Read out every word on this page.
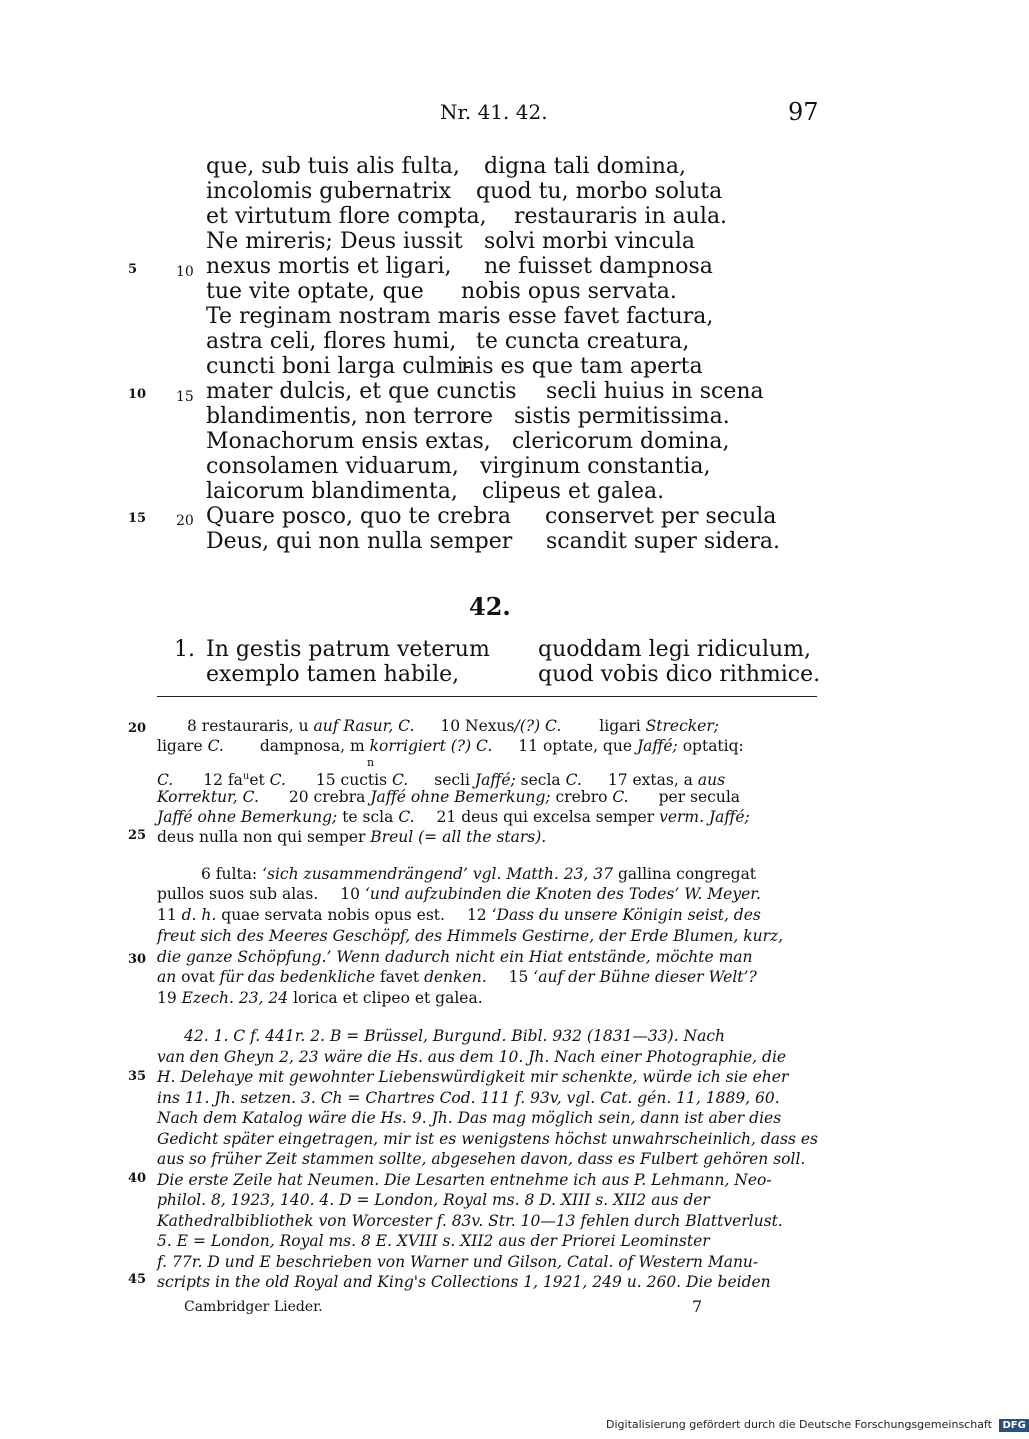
Nr. 41. 42.	97
que, sub tuis alis fulta, digna tali domina,
incolomis gubernatrix quod tu, morbo soluta
et virtutum flore compta, restauraris in aula.
Ne mireris; Deus iussit solvi morbi vincula
nexus mortis et ligari, ne fuisset dampnosa
tue vite optate, que nobis opus servata.
Te reginam nostram maris esse favet factura,
astra celi, flores humi, te cuncta creatura,
cuncti boni larga culmi-
nis es que tam aperta
mater dulcis, et que cunctis secli huius in scena
blandimentis, non terrore sistis permitissima.
Monachorum ensis extas, clericorum domina,
consolamen viduarum, virginum constantia,
laicorum blandimenta, clipeus et galea.
Quare posco, quo te crebra conservet per secula
Deus, qui non nulla semper scandit super sidera.
5	10
10 15
15 20
42.
1. In gestis patrum veterum quoddam legi ridiculum,
exemplo tamen habile,	quod vobis dico rithmice.
20
25
8 restauraris, u auf Rasur, C. 10 Nexus/(?) C. ligari Strecker;
ligare C. dampnosa, m korrigiert (?) C. 11 optate, que Jaffé; optatiq:
n
C. 12 $fa^uet$ C. 15 cuctis C. secli Jaffé; secla C. 17 extas, a aus
Korrektur, C. 20 crebra Jaffé ohne Bemerkung; crebro C. per secula
Jaffé ohne Bemerkung; te scla C. 21 deus qui excelsa semper verm. Jaffé;
deus nulla non qui semper Breul (= all the stars).
30
6 fulta: ‘sich zusammendrängend’ vgl. Matth. 23, 37 gallina congregat
pullos suos sub alas. 10 ‘und aufzubinden die Knoten des Todes’ W. Meyer.
11 d. h. quae servata nobis opus est. 12 ‘Dass du unsere Königin seist, des
freut sich des Meeres Geschöpf, des Himmels Gestirne, der Erde Blumen, kurz,
die ganze Schöpfung.’ Wenn dadurch nicht ein Hiat entstände, möchte man
an ovat für das bedenkliche favet denken. 15 ‘auf der Bühne dieser Welt’?
19 Ezech. 23, 24 lorica et clipeo et galea.
42. 1. C f. 441r. 2. B = Brüssel, Burgund. Bibl. 932 (1831—33). Nach
van den Gheyn 2, 23 wäre die Hs. aus dem 10. Jh. Nach einer Photographie, die
H. Delehaye mit gewohnter Liebenswürdigkeit mir schenkte, würde ich sie eher
ins 11. Jh. setzen. 3. Ch = Chartres Cod. 111 f. 93v, vgl. Cat. gén. 11, 1889, 60.
Nach dem Katalog wäre die Hs. 9. Jh. Das mag möglich sein, dann ist aber dies
Gedicht später eingetragen, mir ist es wenigstens höchst unwahrscheinlich, dass es
aus so früher Zeit stammen sollte, abgesehen davon, dass es Fulbert gehören soll.
Die erste Zeile hat Neumen. Die Lesarten entnehme ich aus P. Lehmann, Neo-
philol. 8, 1923, 140. 4. D = London, Royal ms. 8 D. XIII s. XII2 aus der
Kathedralbibliothek von Worcester f. 83v. Str. 10—13 fehlen durch Blattverlust.
5. E = London, Royal ms. 8 E. XVIII s. XII2 aus der Priorei Leominster
f. 77r. D und E beschrieben von Warner und Gilson, Catal. of Western Manu-
scripts in the old Royal and King's Collections 1, 1921, 249 u. 260. Die beiden
35
40
45
Cambridger Lieder.	7
Digitalisierung gefördert durch die Deutsche Forschungsgemeinschaft DFG
